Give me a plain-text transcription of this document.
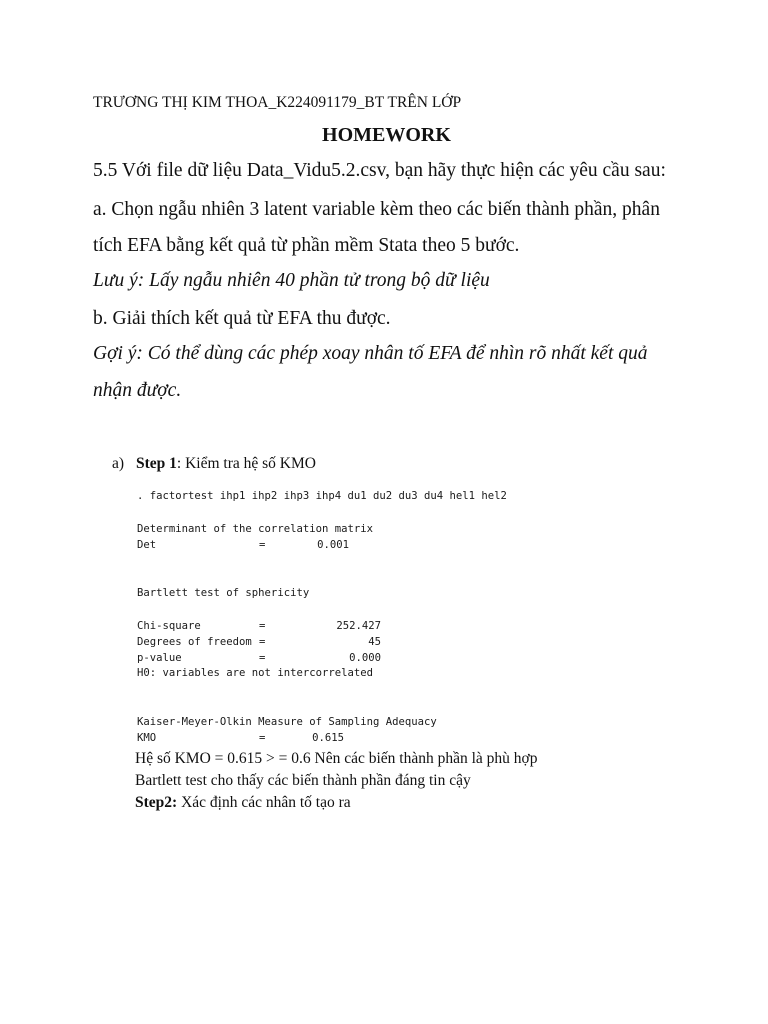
TRƯƠNG THỊ KIM THOA_K224091179_BT TRÊN LỚP
HOMEWORK
5.5 Với file dữ liệu Data_Vidu5.2.csv, bạn hãy thực hiện các yêu cầu sau:
a. Chọn ngẫu nhiên 3 latent variable kèm theo các biến thành phần, phân
tích EFA bằng kết quả từ phần mềm Stata theo 5 bước.
Lưu ý: Lấy ngẫu nhiên 40 phần tử trong bộ dữ liệu
b. Giải thích kết quả từ EFA thu được.
Gợi ý: Có thể dùng các phép xoay nhân tố EFA để nhìn rõ nhất kết quả
nhận được.
a) Step 1: Kiểm tra hệ số KMO
. factortest ihp1 ihp2 ihp3 ihp4 du1 du2 du3 du4 hel1 hel2
Determinant of the correlation matrix
Det	=	0.001
Bartlett test of sphericity
Chi-square	=	252.427
Degrees of freedom =	45
p-value	=	0.000
H0: variables are not intercorrelated
Kaiser-Meyer-Olkin Measure of Sampling Adequacy
KMO	=	0.615
Hệ số KMO = 0.615 > = 0.6 Nên các biến thành phần là phù hợp
Bartlett test cho thấy các biến thành phần đáng tin cậy
Step2: Xác định các nhân tố tạo ra
